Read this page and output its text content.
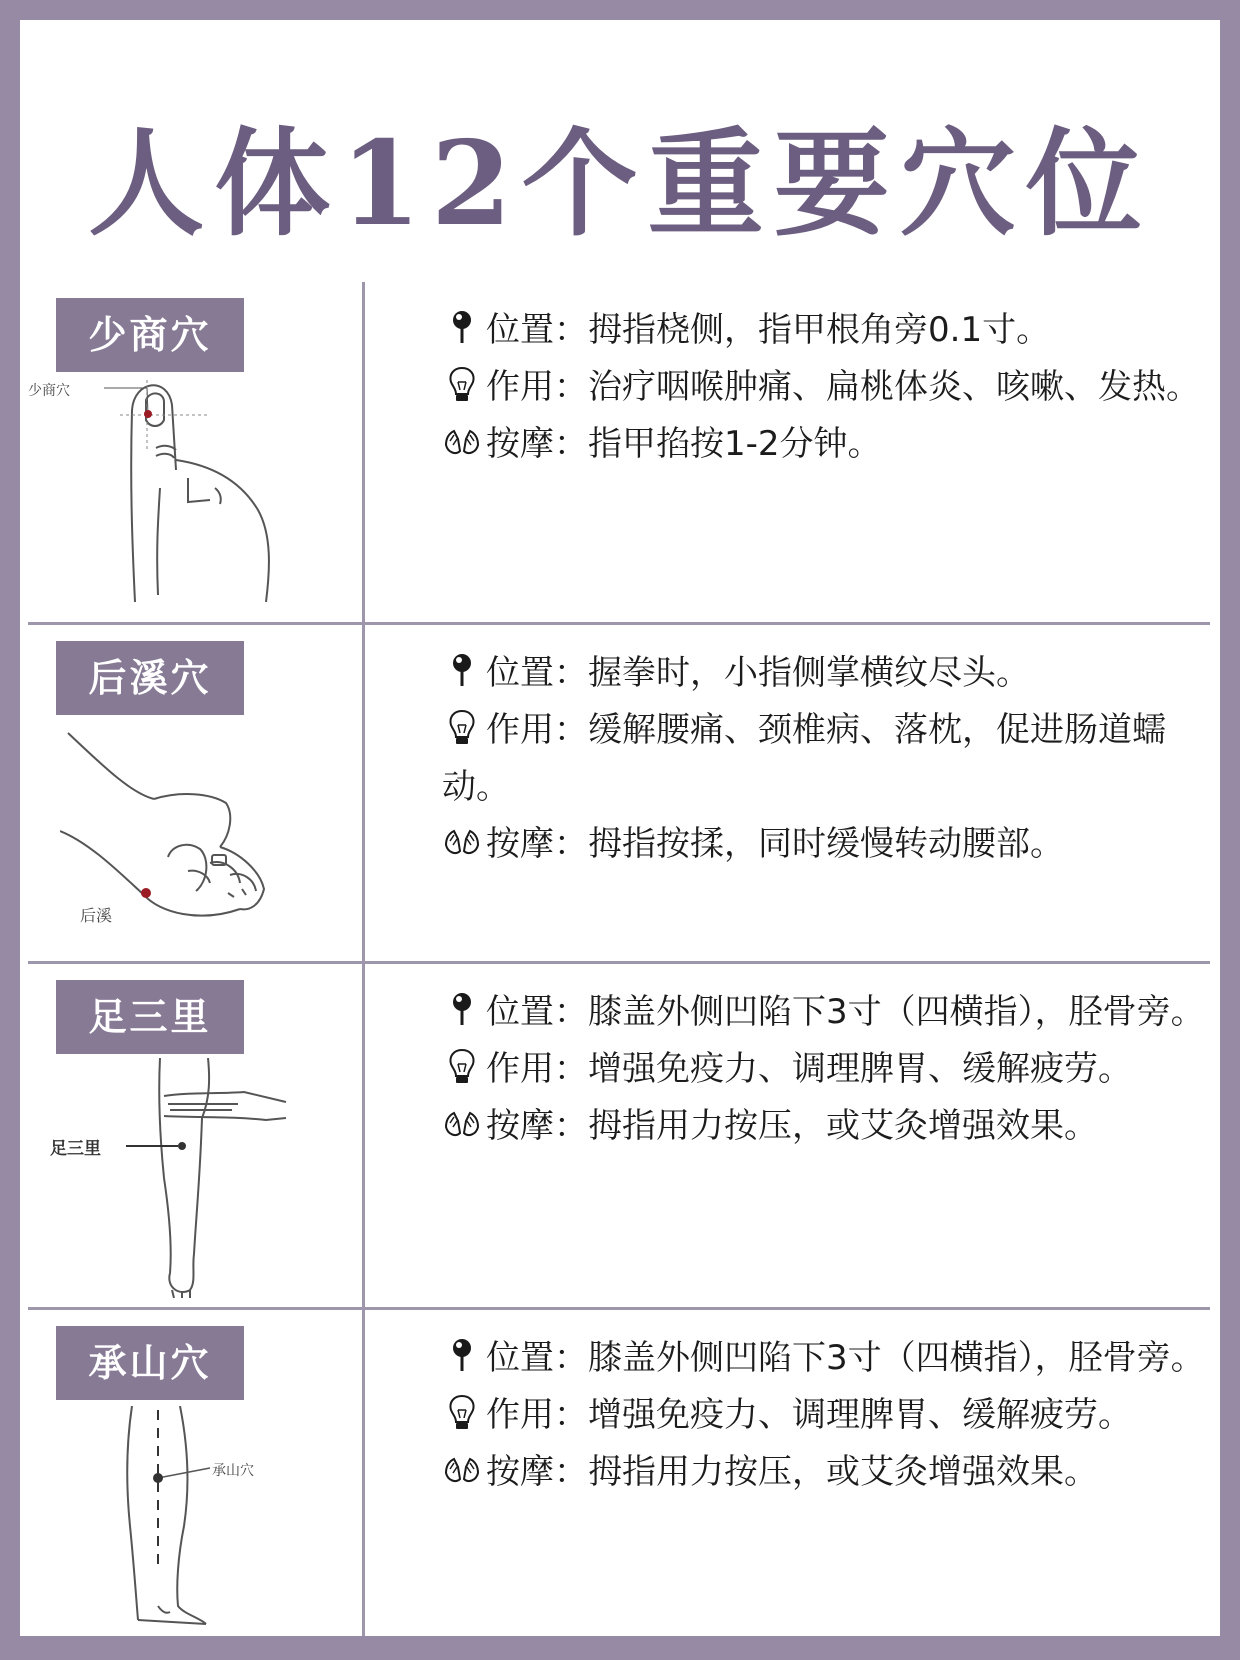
人体12个重要穴位
少商穴
少商穴
位置：拇指桡侧，指甲根角旁0.1寸。
作用：治疗咽喉肿痛、扁桃体炎、咳嗽、发热。
按摩：指甲掐按1-2分钟。
后溪穴
后溪
位置：握拳时，小指侧掌横纹尽头。
作用：缓解腰痛、颈椎病、落枕，促进肠道蠕动。
按摩：拇指按揉，同时缓慢转动腰部。
足三里
足三里
位置：膝盖外侧凹陷下3寸（四横指），胫骨旁。
作用：增强免疫力、调理脾胃、缓解疲劳。
按摩：拇指用力按压，或艾灸增强效果。
承山穴
承山穴
位置：膝盖外侧凹陷下3寸（四横指），胫骨旁。
作用：增强免疫力、调理脾胃、缓解疲劳。
按摩：拇指用力按压，或艾灸增强效果。
